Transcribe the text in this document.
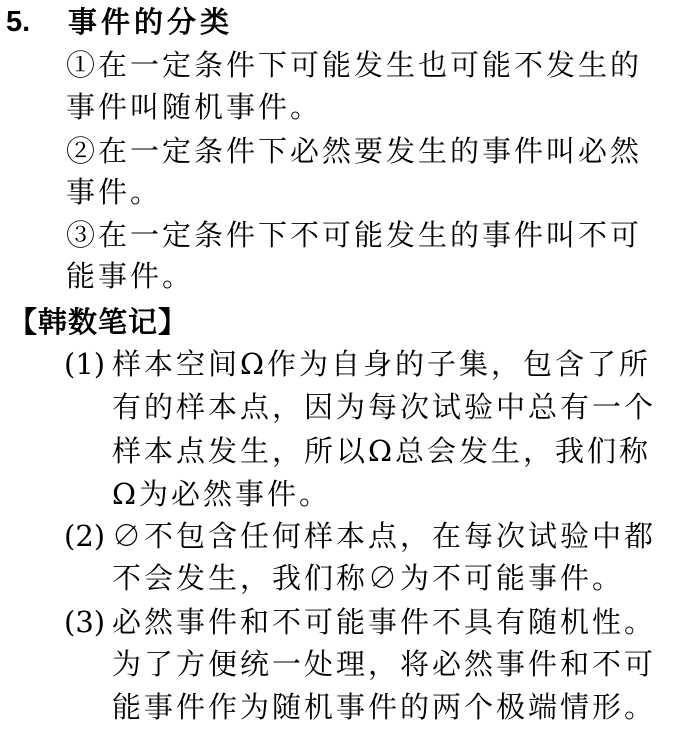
5. 事件的分类
①在一定条件下可能发生也可能不发生的
事件叫随机事件。
②在一定条件下必然要发生的事件叫必然
事件。
③在一定条件下不可能发生的事件叫不可
能事件。
【韩数笔记】
(1) 样本空间Ω作为自身的子集，包含了所
有的样本点，因为每次试验中总有一个
样本点发生，所以Ω总会发生，我们称
Ω为必然事件。
(2) ∅不包含任何样本点，在每次试验中都
不会发生，我们称∅为不可能事件。
(3) 必然事件和不可能事件不具有随机性。
为了方便统一处理，将必然事件和不可
能事件作为随机事件的两个极端情形。
